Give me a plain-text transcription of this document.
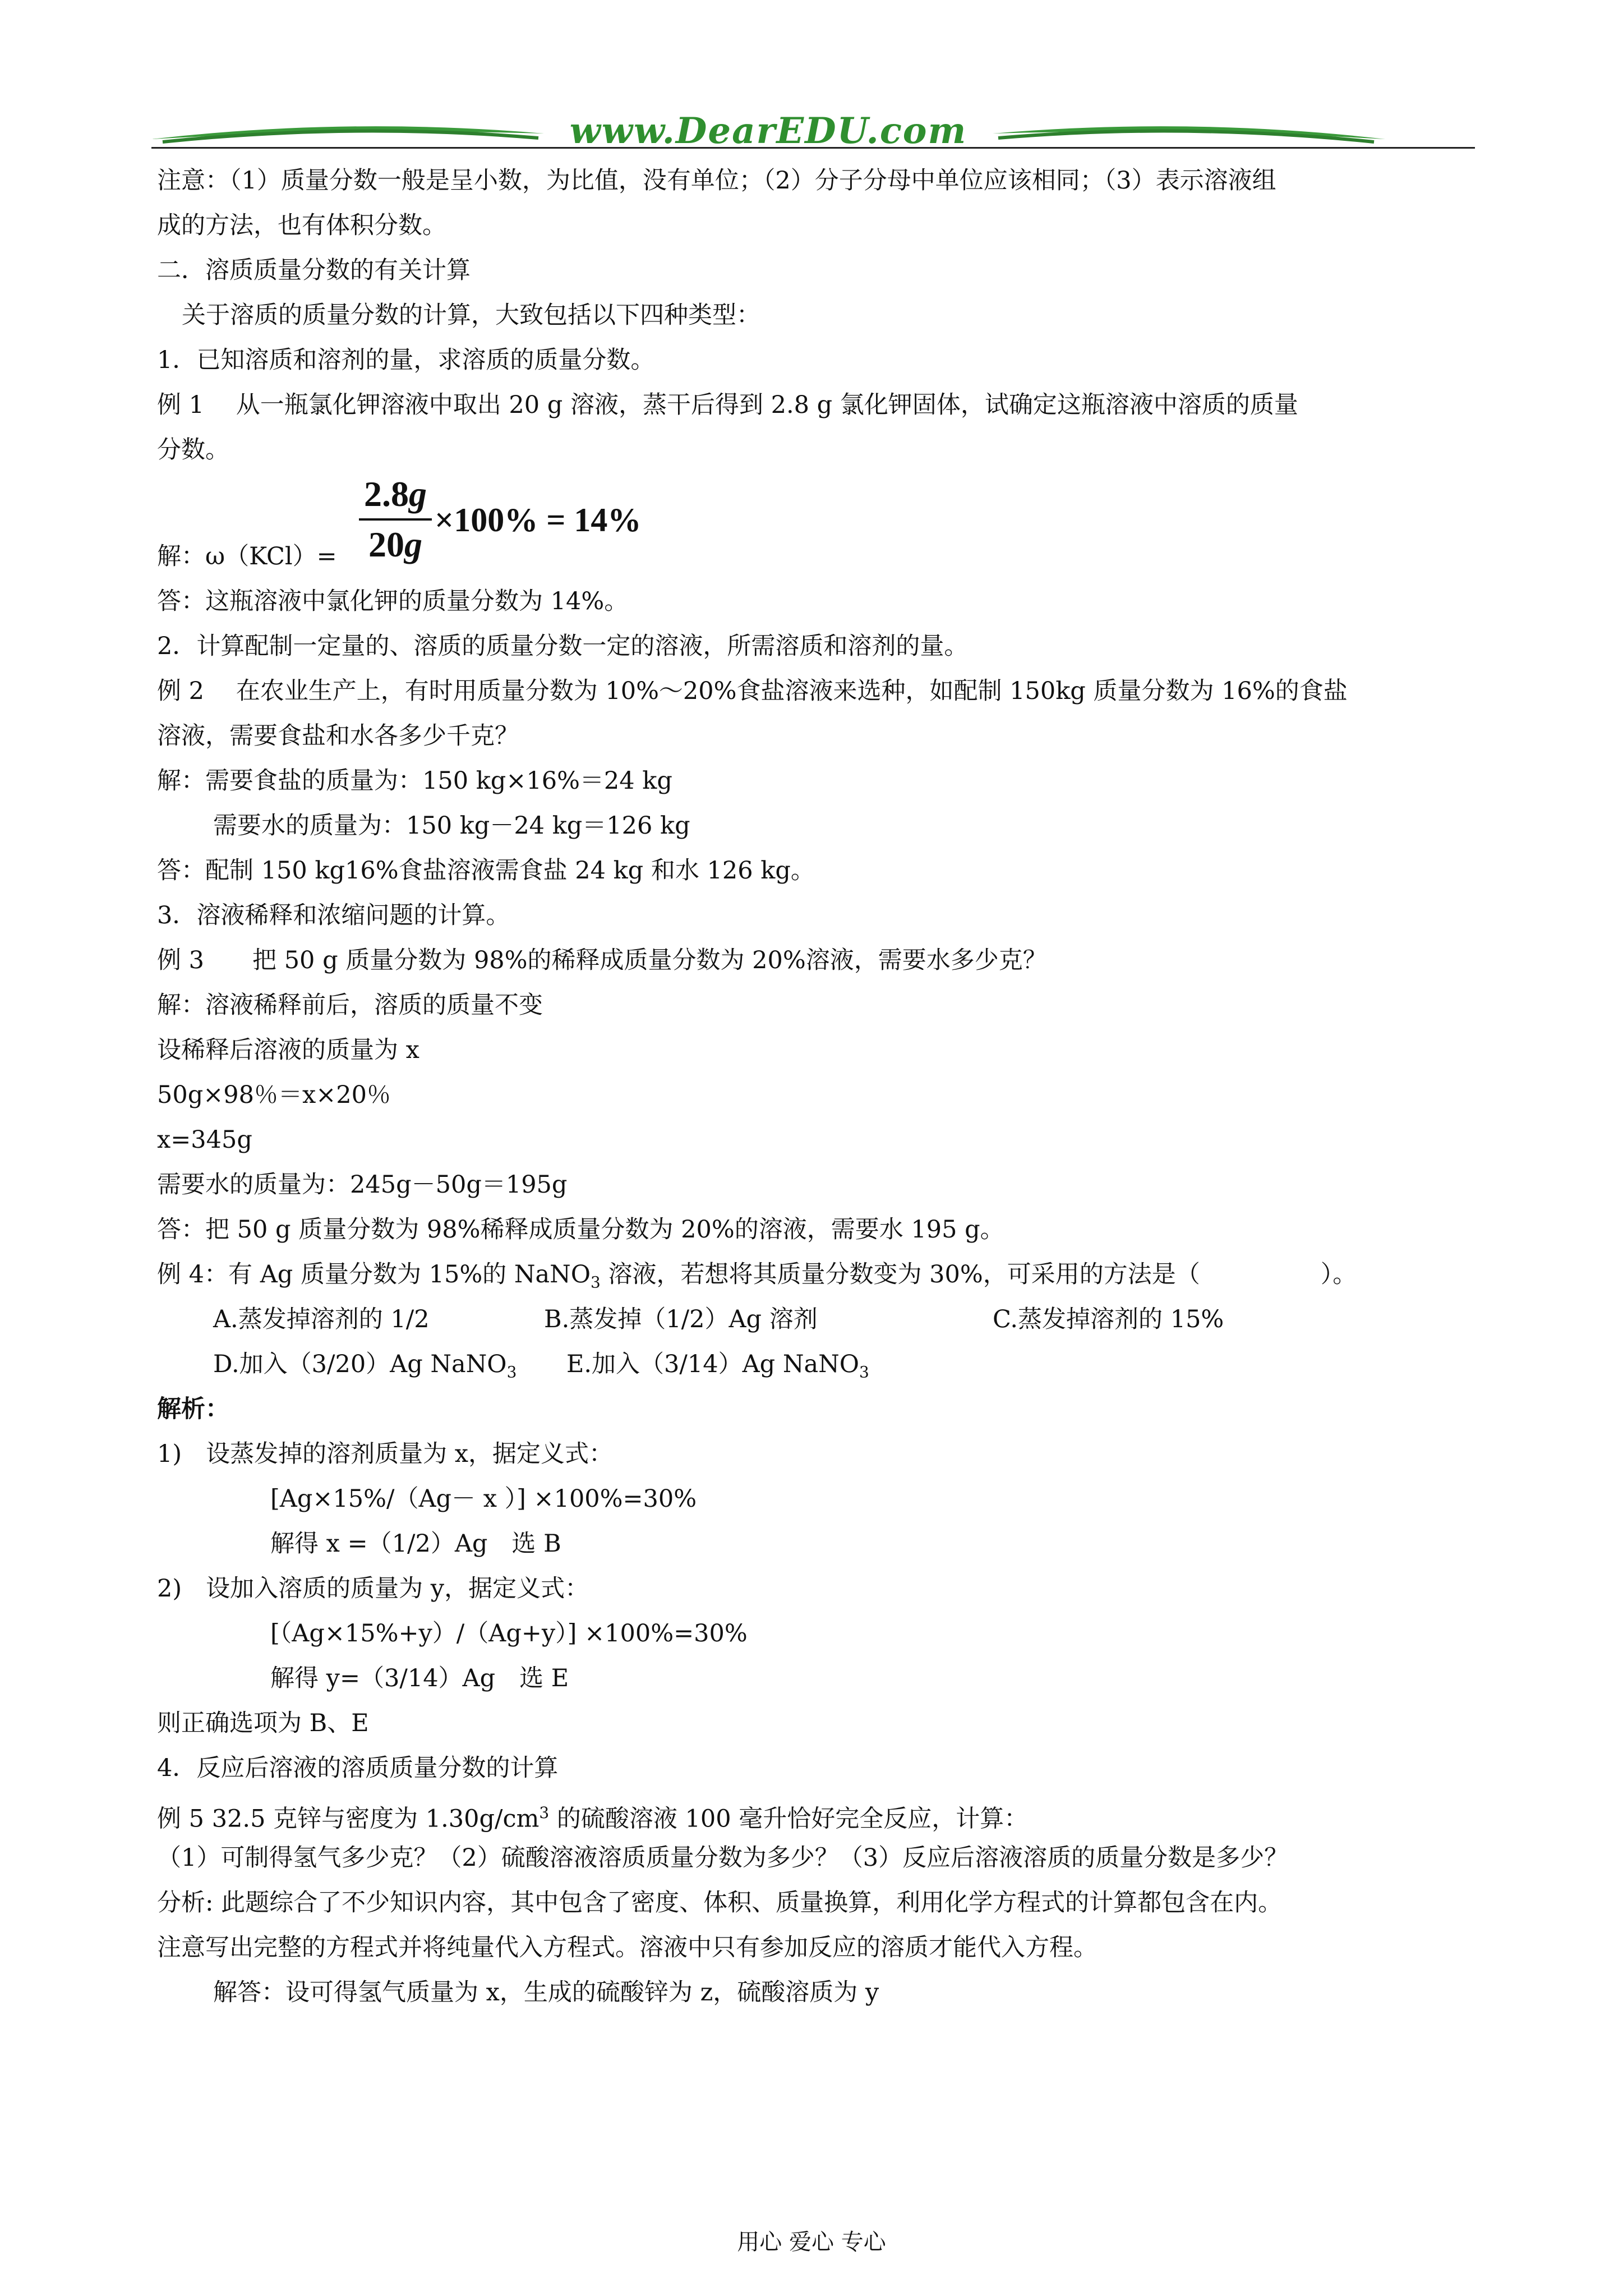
www.DearEDU.com
注意：（1）质量分数一般是呈小数，为比值，没有单位；（2）分子分母中单位应该相同；（3）表示溶液组
成的方法，也有体积分数。
二．溶质质量分数的有关计算
关于溶质的质量分数的计算，大致包括以下四种类型：
1．已知溶质和溶剂的量，求溶质的质量分数。
例 1　 从一瓶氯化钾溶液中取出 20 g 溶液，蒸干后得到 2.8 g 氯化钾固体，试确定这瓶溶液中溶质的质量
分数。
解：ω（KCl）=
2.8g
20g
×100% = 14%
答：这瓶溶液中氯化钾的质量分数为 14%。
2．计算配制一定量的、溶质的质量分数一定的溶液，所需溶质和溶剂的量。
例 2　 在农业生产上，有时用质量分数为 10%～20%食盐溶液来选种，如配制 150kg 质量分数为 16%的食盐
溶液，需要食盐和水各多少千克？
解：需要食盐的质量为：150 kg×16%＝24 kg
需要水的质量为：150 kg－24 kg＝126 kg
答：配制 150 kg16%食盐溶液需食盐 24 kg 和水 126 kg。
3．溶液稀释和浓缩问题的计算。
例 3　　把 50 g 质量分数为 98%的稀释成质量分数为 20%溶液，需要水多少克？
解：溶液稀释前后，溶质的质量不变
设稀释后溶液的质量为 x
50g×98％＝x×20％
x=345g
需要水的质量为：245g－50g＝195g
答：把 50 g 质量分数为 98%稀释成质量分数为 20%的溶液，需要水 195 g。
例 4：有 Ag 质量分数为 15%的 NaNO$_3$ 溶液，若想将其质量分数变为 30%，可采用的方法是（　　　　　）。
A.蒸发掉溶剂的 1/2	B.蒸发掉（1/2）Ag 溶剂	C.蒸发掉溶剂的 15%
D.加入（3/20）Ag NaNO$_3$ E.加入（3/14）Ag NaNO$_3$
解析：
1)　设蒸发掉的溶剂质量为 x，据定义式：
[Ag×15%/（Ag－ x ）] ×100%=30%
解得 x =（1/2）Ag　选 B
2)　设加入溶质的质量为 y，据定义式：
[（Ag×15%+y）/（Ag+y）] ×100%=30%
解得 y=（3/14）Ag　选 E
则正确选项为 B、E
4．反应后溶液的溶质质量分数的计算
例 5 32.5 克锌与密度为 $1.30g/cm^3$ 的硫酸溶液 100 毫升恰好完全反应，计算：
（1）可制得氢气多少克？（2）硫酸溶液溶质质量分数为多少？（3）反应后溶液溶质的质量分数是多少？
分析: 此题综合了不少知识内容，其中包含了密度、体积、质量换算，利用化学方程式的计算都包含在内。
注意写出完整的方程式并将纯量代入方程式。溶液中只有参加反应的溶质才能代入方程。
解答：设可得氢气质量为 x，生成的硫酸锌为 z，硫酸溶质为 y
用心 爱心 专心
